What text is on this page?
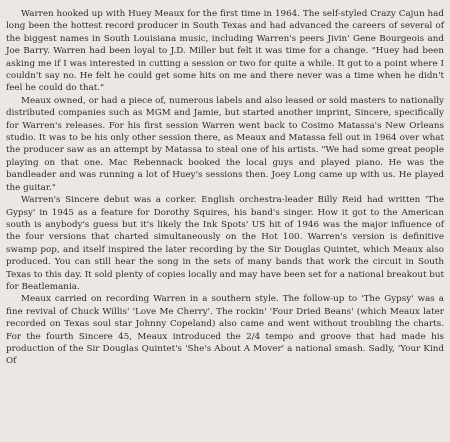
Warren hooked up with Huey Meaux for the first time in 1964. The self-styled Crazy Cajun had long been the hottest record producer in South Texas and had advanced the careers of several of the biggest names in South Louisiana music, including Warren's peers Jivin' Gene Bourgeois and Joe Barry. Warren had been loyal to J.D. Miller but felt it was time for a change. "Huey had been asking me if I was interested in cutting a session or two for quite a while. It got to a point where I couldn't say no. He felt he could get some hits on me and there never was a time when he didn't feel he could do that."

Meaux owned, or had a piece of, numerous labels and also leased or sold masters to nationally distributed companies such as MGM and Jamie, but started another imprint, Sincere, specifically for Warren's releases. For his first session Warren went back to Cosimo Matassa's New Orleans studio. It was to be his only other session there, as Meaux and Matassa fell out in 1964 over what the producer saw as an attempt by Matassa to steal one of his artists. "We had some great people playing on that one. Mac Rebennack booked the local guys and played piano. He was the bandleader and was running a lot of Huey's sessions then. Joey Long came up with us. He played the guitar."

Warren's Sincere debut was a corker. English orchestra-leader Billy Reid had written 'The Gypsy' in 1945 as a feature for Dorothy Squires, his band's singer. How it got to the American south is anybody's guess but it's likely the Ink Spots' US hit of 1946 was the major influence of the four versions that charted simultaneously on the Hot 100. Warren's version is definitive swamp pop, and itself inspired the later recording by the Sir Douglas Quintet, which Meaux also produced. You can still hear the song in the sets of many bands that work the circuit in South Texas to this day. It sold plenty of copies locally and may have been set for a national breakout but for Beatlemania.

Meaux carried on recording Warren in a southern style. The follow-up to 'The Gypsy' was a fine revival of Chuck Willis' 'Love Me Cherry'. The rockin' 'Four Dried Beans' (which Meaux later recorded on Texas soul star Johnny Copeland) also came and went without troubling the charts. For the fourth Sincere 45, Meaux introduced the 2/4 tempo and groove that had made his production of the Sir Douglas Quintet's 'She's About A Mover' a national smash. Sadly, 'Your Kind Of
